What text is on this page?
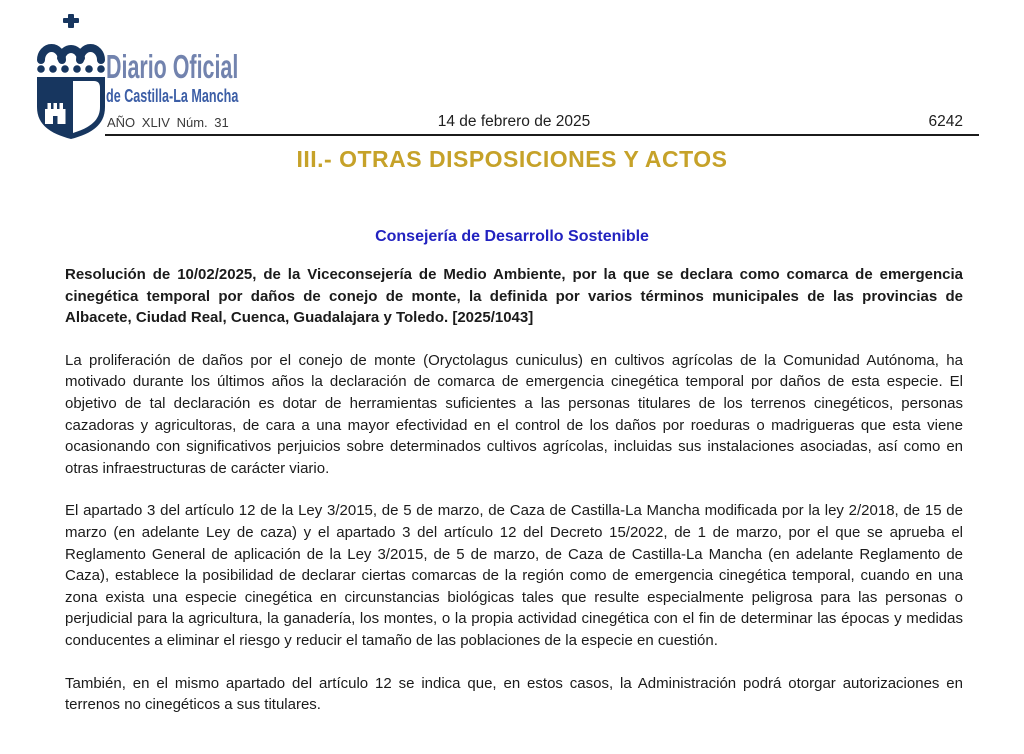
Diario Oficial
de Castilla-La Mancha
AÑO XLIV Núm. 31	14 de febrero de 2025	6242
III.- OTRAS DISPOSICIONES Y ACTOS
Consejería de Desarrollo Sostenible

Resolución de 10/02/2025, de la Viceconsejería de Medio Ambiente, por la que se declara como comarca de emergencia cinegética temporal por daños de conejo de monte, la definida por varios términos municipales de las provincias de Albacete, Ciudad Real, Cuenca, Guadalajara y Toledo. [2025/1043]

La proliferación de daños por el conejo de monte (Oryctolagus cuniculus) en cultivos agrícolas de la Comunidad Autónoma, ha motivado durante los últimos años la declaración de comarca de emergencia cinegética temporal por daños de esta especie. El objetivo de tal declaración es dotar de herramientas suficientes a las personas titulares de los terrenos cinegéticos, personas cazadoras y agricultoras, de cara a una mayor efectividad en el control de los daños por roeduras o madrigueras que esta viene ocasionando con significativos perjuicios sobre determinados cultivos agrícolas, incluidas sus instalaciones asociadas, así como en otras infraestructuras de carácter viario.

El apartado 3 del artículo 12 de la Ley 3/2015, de 5 de marzo, de Caza de Castilla-La Mancha modificada por la ley 2/2018, de 15 de marzo (en adelante Ley de caza) y el apartado 3 del artículo 12 del Decreto 15/2022, de 1 de marzo, por el que se aprueba el Reglamento General de aplicación de la Ley 3/2015, de 5 de marzo, de Caza de Castilla-La Mancha (en adelante Reglamento de Caza), establece la posibilidad de declarar ciertas comarcas de la región como de emergencia cinegética temporal, cuando en una zona exista una especie cinegética en circunstancias biológicas tales que resulte especialmente peligrosa para las personas o perjudicial para la agricultura, la ganadería, los montes, o la propia actividad cinegética con el fin de determinar las épocas y medidas conducentes a eliminar el riesgo y reducir el tamaño de las poblaciones de la especie en cuestión.

También, en el mismo apartado del artículo 12 se indica que, en estos casos, la Administración podrá otorgar autorizaciones en terrenos no cinegéticos a sus titulares.
